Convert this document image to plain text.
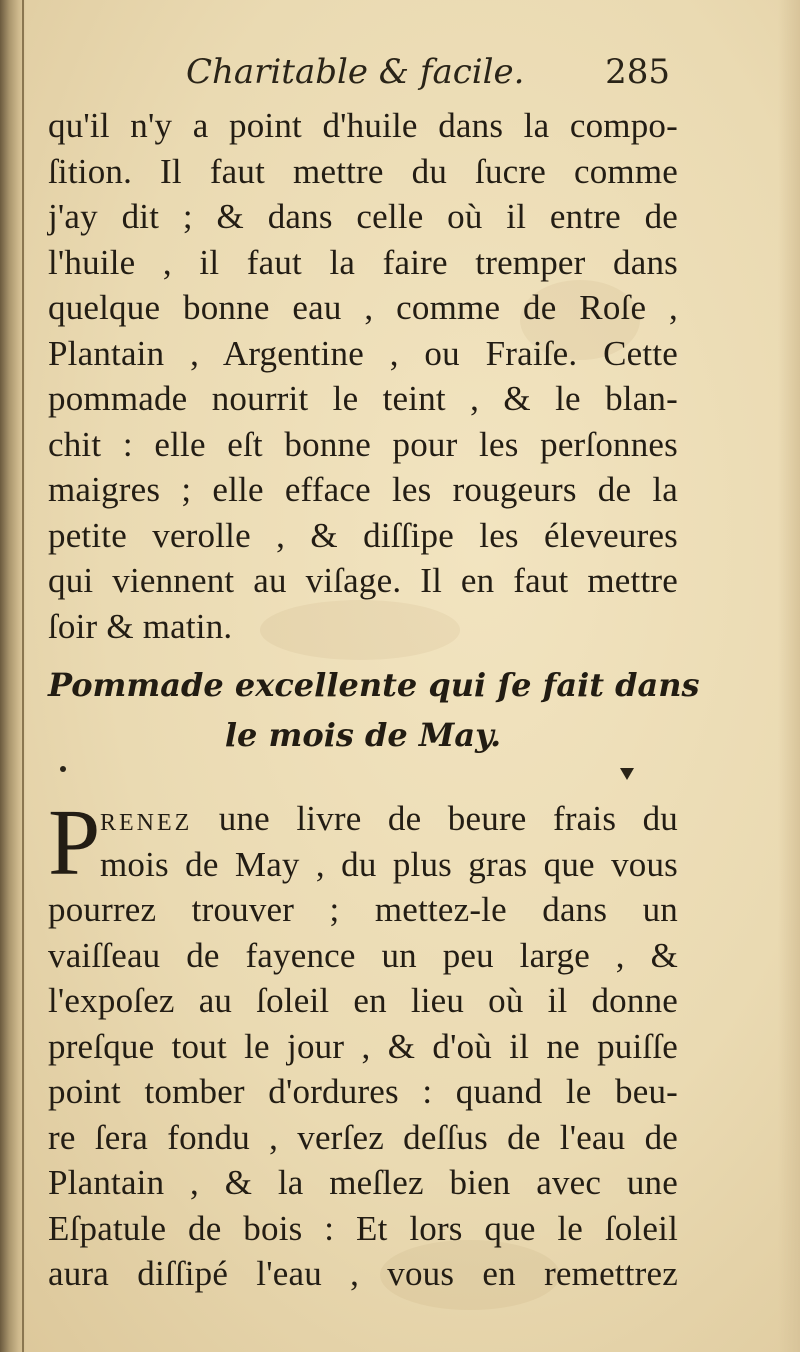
Charitable & facile. 285
qu'il n'y a point d'huile dans la compo-
ſition. Il faut mettre du ſucre comme
j'ay dit ; & dans celle où il entre de
l'huile , il faut la faire tremper dans
quelque bonne eau , comme de Roſe ,
Plantain , Argentine , ou Fraiſe. Cette
pommade nourrit le teint , & le blan-
chit : elle eſt bonne pour les perſonnes
maigres ; elle efface les rougeurs de la
petite verolle , & diſſipe les éleveures
qui viennent au viſage. Il en faut mettre
ſoir & matin.
Pommade excellente qui ſe fait dans
le mois de May.
P RENEZ une livre de beure frais du
mois de May , du plus gras que vous
pourrez trouver ; mettez-le dans un
vaiſſeau de fayence un peu large , &
l'expoſez au ſoleil en lieu où il donne
preſque tout le jour , & d'où il ne puiſſe
point tomber d'ordures : quand le beu-
re ſera fondu , verſez deſſus de l'eau de
Plantain , & la meſlez bien avec une
Eſpatule de bois : Et lors que le ſoleil
aura diſſipé l'eau , vous en remettrez
